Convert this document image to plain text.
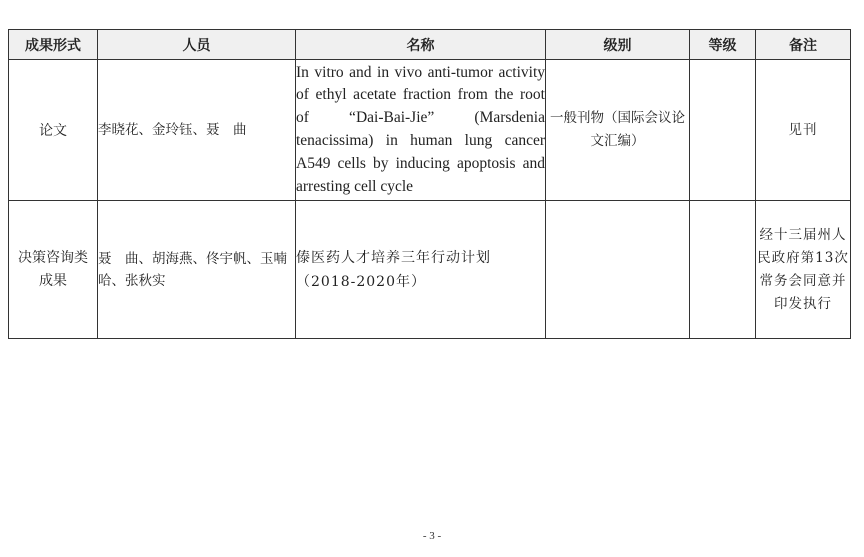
成果形式	人员	名称	级别	等级	备注
论文	李晓花、金玲钰、聂　曲	In vitro and in vivo anti-tumor activity of ethyl acetate fraction from the root of “Dai-Bai-Jie” (Marsdenia tenacissima) in human lung cancer A549 cells by inducing apoptosis and arresting cell cycle	一般刊物（国际会议论文汇编）		见刊
决策咨询类成果	聂　曲、胡海燕、佟宇帆、玉喃哈、张秋实	傣医药人才培养三年行动计划（2018-2020年）			经十三届州人民政府第13次常务会同意并印发执行
- 3 -
